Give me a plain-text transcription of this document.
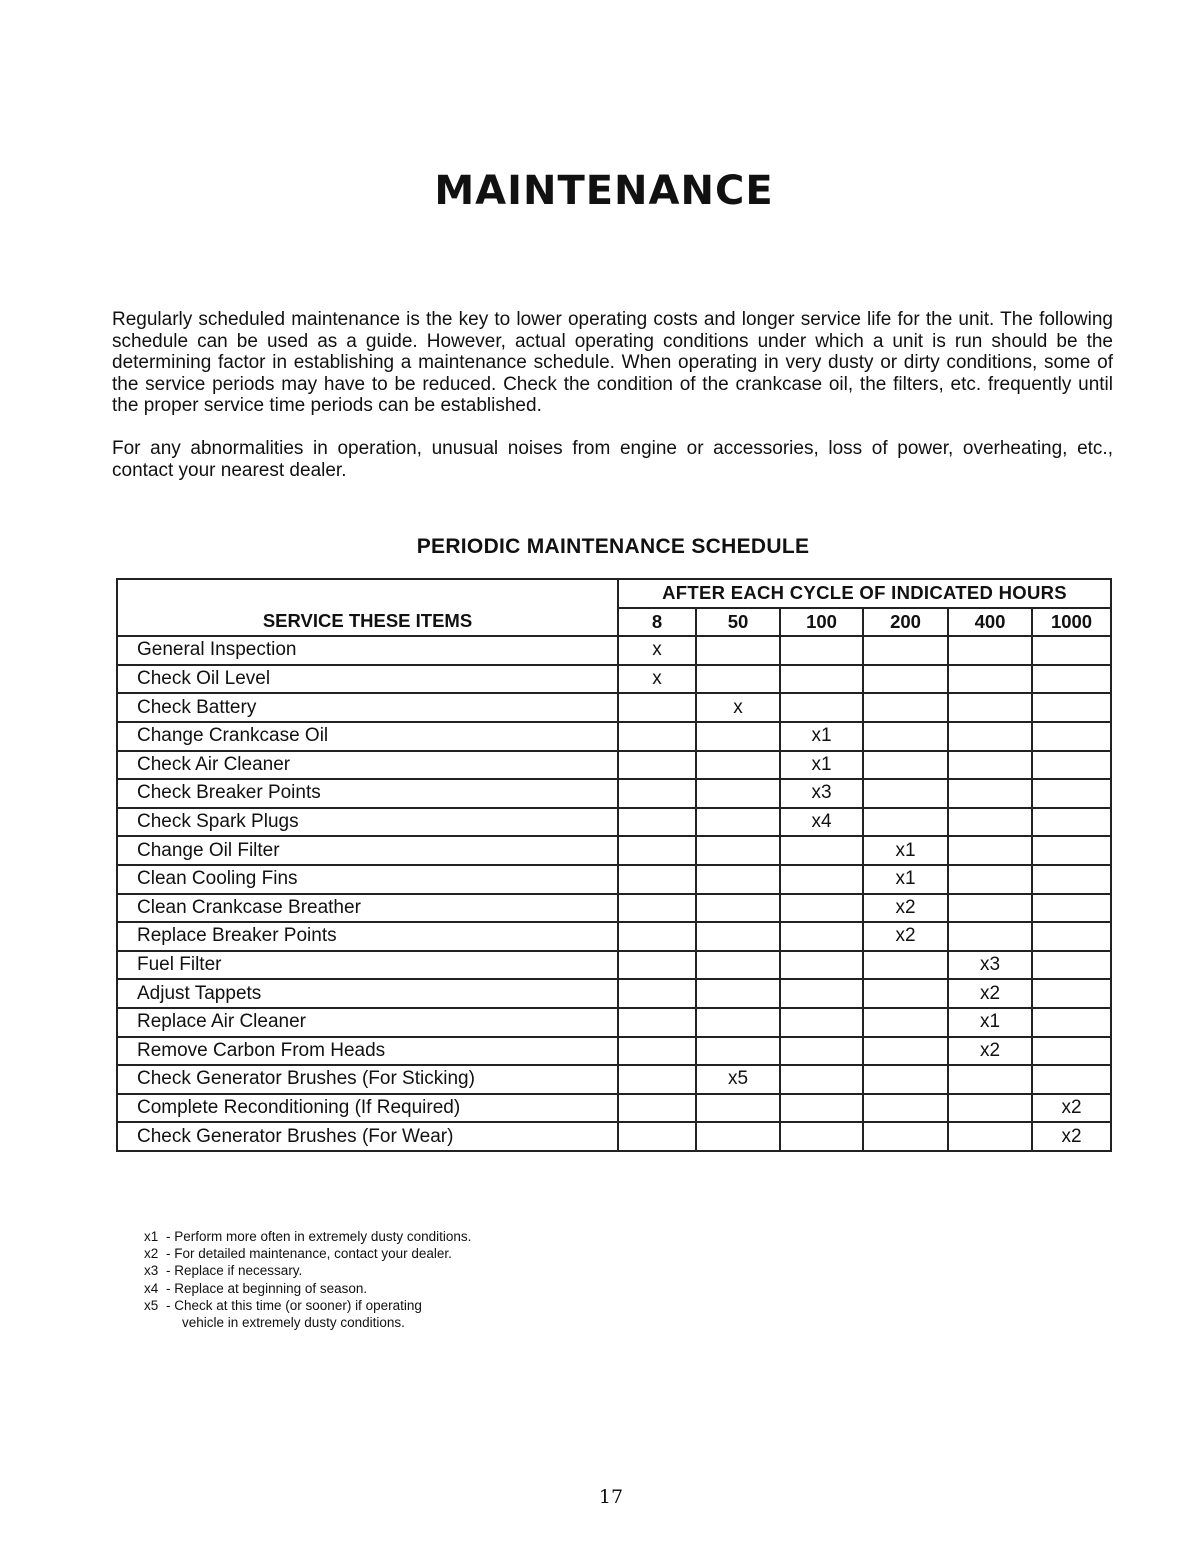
MAINTENANCE

Regularly scheduled maintenance is the key to lower operating costs and longer service life for the unit. The following schedule can be used as a guide. However, actual operating conditions under which a unit is run should be the determining factor in establishing a maintenance schedule. When operating in very dusty or dirty conditions, some of the service periods may have to be reduced. Check the condition of the crankcase oil, the filters, etc. frequently until the proper service time periods can be established.

For any abnormalities in operation, unusual noises from engine or accessories, loss of power, overheating, etc., contact your nearest dealer.

PERIODIC MAINTENANCE SCHEDULE
	AFTER EACH CYCLE OF INDICATED HOURS					
SERVICE THESE ITEMS	8	50	100	200	400	1000
General Inspection	x					
Check Oil Level	x					
Check Battery		x				
Change Crankcase Oil			x1			
Check Air Cleaner			x1			
Check Breaker Points			x3			
Check Spark Plugs			x4			
Change Oil Filter				x1		
Clean Cooling Fins				x1		
Clean Crankcase Breather				x2		
Replace Breaker Points				x2		
Fuel Filter					x3	
Adjust Tappets					x2	
Replace Air Cleaner					x1	
Remove Carbon From Heads					x2	
Check Generator Brushes (For Sticking)		x5				
Complete Reconditioning (If Required)						x2
Check Generator Brushes (For Wear)						x2
x1 - Perform more often in extremely dusty conditions.
x2 - For detailed maintenance, contact your dealer.
x3 - Replace if necessary.
x4 - Replace at beginning of season.
x5 - Check at this time (or sooner) if operating
vehicle in extremely dusty conditions.
17
